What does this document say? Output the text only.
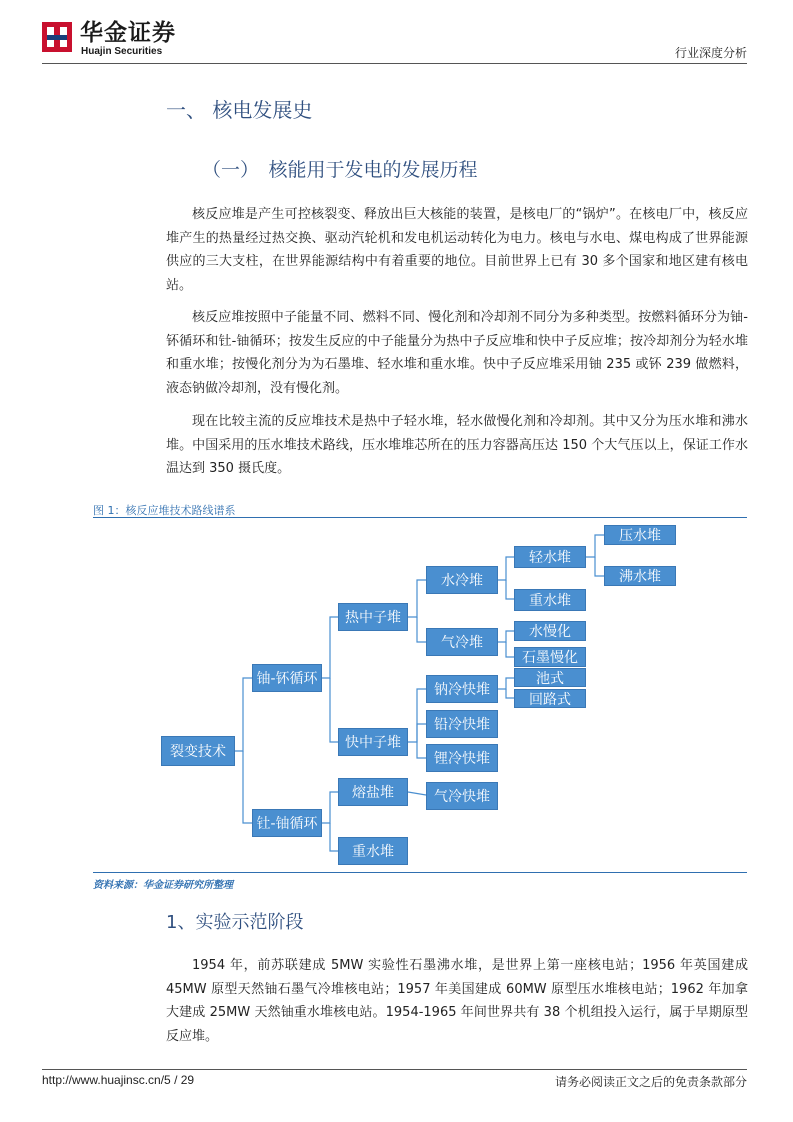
华金证券
Huajin Securities	行业深度分析
一、 核电发展史
（一）　核能用于发电的发展历程

核反应堆是产生可控核裂变、释放出巨大核能的装置，是核电厂的“锅炉”。在核电厂中，核反应堆产生的热量经过热交换、驱动汽轮机和发电机运动转化为电力。核电与水电、煤电构成了世界能源供应的三大支柱，在世界能源结构中有着重要的地位。目前世界上已有 30 多个国家和地区建有核电站。

核反应堆按照中子能量不同、燃料不同、慢化剂和冷却剂不同分为多种类型。按燃料循环分为铀-钚循环和钍-铀循环；按发生反应的中子能量分为热中子反应堆和快中子反应堆；按冷却剂分为轻水堆和重水堆；按慢化剂分为为石墨堆、轻水堆和重水堆。快中子反应堆采用铀 235 或钚 239 做燃料，液态钠做冷却剂，没有慢化剂。

现在比较主流的反应堆技术是热中子轻水堆，轻水做慢化剂和冷却剂。其中又分为压水堆和沸水堆。中国采用的压水堆技术路线，压水堆堆芯所在的压力容器高压达 150 个大气压以上，保证工作水温达到 350 摄氏度。

图 1：核反应堆技术路线谱系
裂变技术
铀-钚循环
钍-铀循环
热中子堆
快中子堆
熔盐堆
重水堆
水冷堆
气冷堆
钠冷快堆
铅冷快堆
锂冷快堆
气冷快堆
轻水堆
重水堆
水慢化
石墨慢化
池式
回路式
压水堆
沸水堆
资料来源：华金证券研究所整理
1、实验示范阶段

1954 年，前苏联建成 5MW 实验性石墨沸水堆，是世界上第一座核电站；1956 年英国建成 45MW 原型天然铀石墨气冷堆核电站；1957 年美国建成 60MW 原型压水堆核电站；1962 年加拿大建成 25MW 天然铀重水堆核电站。1954-1965 年间世界共有 38 个机组投入运行，属于早期原型反应堆。

http://www.huajinsc.cn/5 / 29	请务必阅读正文之后的免责条款部分
